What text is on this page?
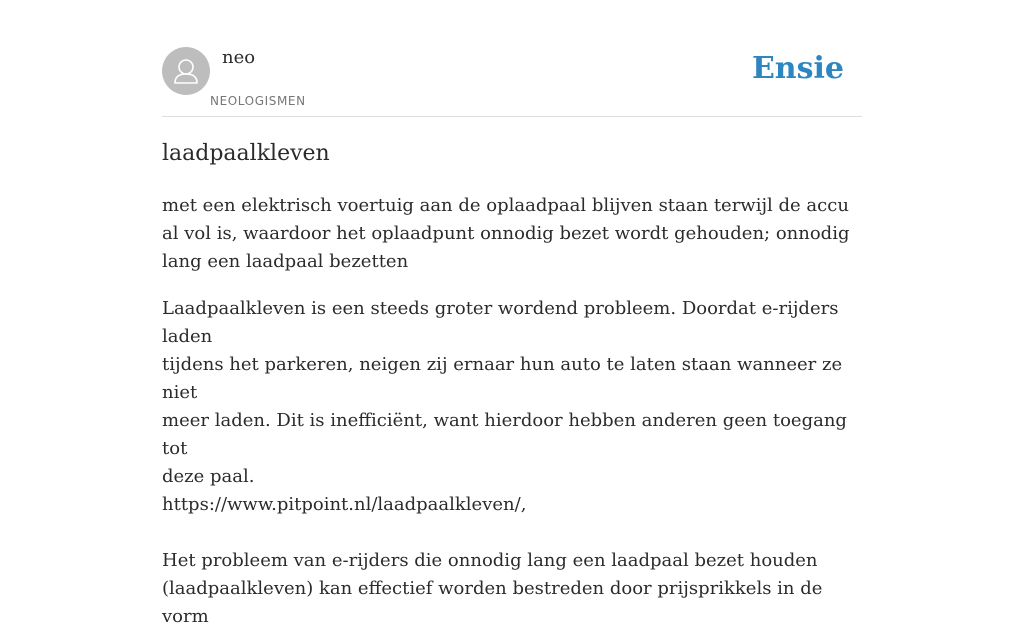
neo
NEOLOGISMEN
Ensie
laadpaalkleven

met een elektrisch voertuig aan de oplaadpaal blijven staan terwijl de accu al vol is, waardoor het oplaadpunt onnodig bezet wordt gehouden; onnodig lang een laadpaal bezetten

Laadpaalkleven is een steeds groter wordend probleem. Doordat e-rijders laden
tijdens het parkeren, neigen zij ernaar hun auto te laten staan wanneer ze niet
meer laden. Dit is inefficiënt, want hierdoor hebben anderen geen toegang tot
deze paal.
https://www.pitpoint.nl/laadpaalkleven/,
Het probleem van e-rijders die onnodig lang een laadpaal bezet houden
(laadpaalkleven) kan effectief worden bestreden door prijsprikkels in de vorm
